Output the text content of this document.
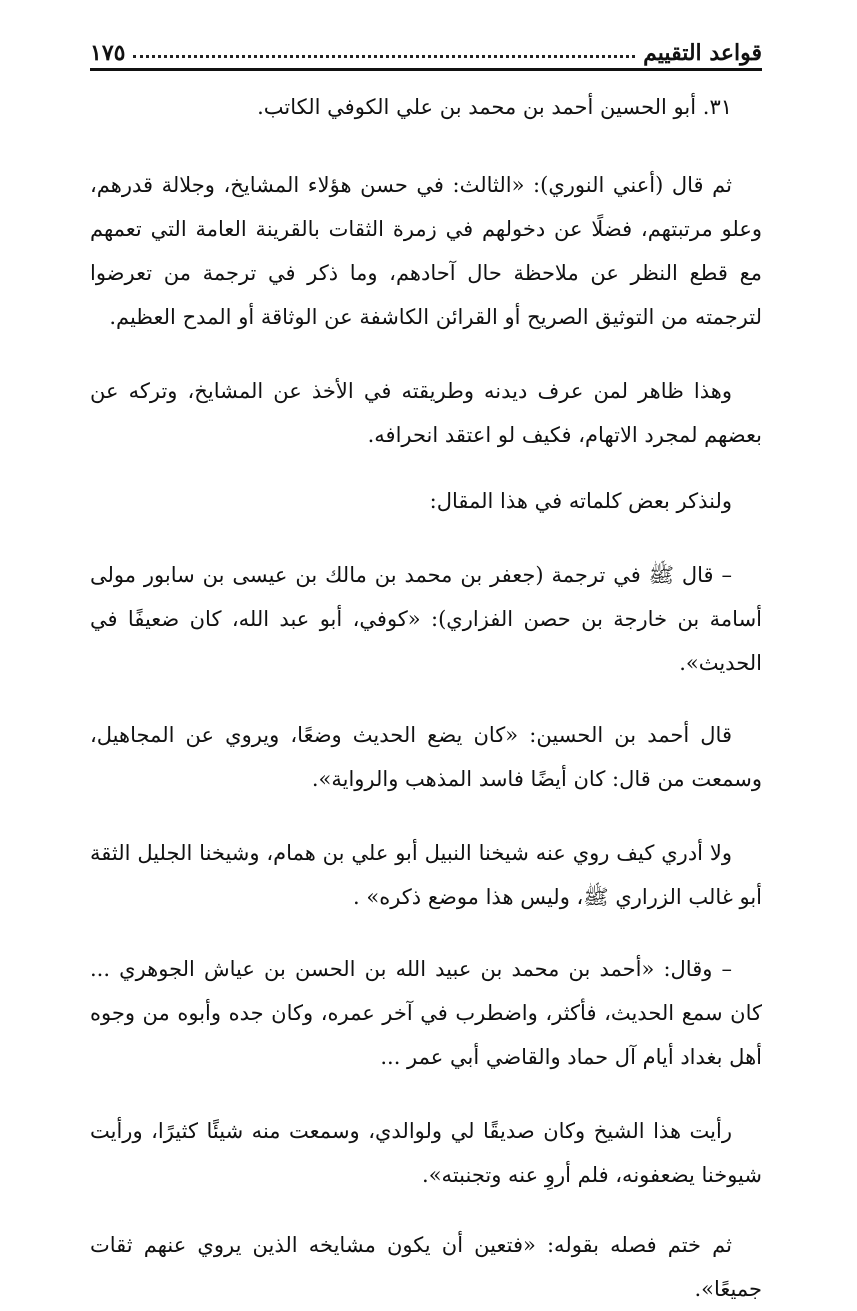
قواعد التقييم
١٧٥

٣١. أبو الحسين أحمد بن محمد بن علي الكوفي الكاتب.

ثم قال (أعني النوري): «الثالث: في حسن هؤلاء المشايخ، وجلالة قدرهم، وعلو مرتبتهم، فضلًا عن دخولهم في زمرة الثقات بالقرينة العامة التي تعمهم مع قطع النظر عن ملاحظة حال آحادهم، وما ذكر في ترجمة من تعرضوا لترجمته من التوثيق الصريح أو القرائن الكاشفة عن الوثاقة أو المدح العظيم.

وهذا ظاهر لمن عرف ديدنه وطريقته في الأخذ عن المشايخ، وتركه عن بعضهم لمجرد الاتهام، فكيف لو اعتقد انحرافه.

ولنذكر بعض كلماته في هذا المقال:

– قال ﷺ في ترجمة (جعفر بن محمد بن مالك بن عيسى بن سابور مولى أسامة بن خارجة بن حصن الفزاري): «كوفي، أبو عبد الله، كان ضعيفًا في الحديث».

قال أحمد بن الحسين: «كان يضع الحديث وضعًا، ويروي عن المجاهيل، وسمعت من قال: كان أيضًا فاسد المذهب والرواية».

ولا أدري كيف روي عنه شيخنا النبيل أبو علي بن همام، وشيخنا الجليل الثقة أبو غالب الزراري ﷺ، وليس هذا موضع ذكره» .

– وقال: «أحمد بن محمد بن عبيد الله بن الحسن بن عياش الجوهري ... كان سمع الحديث، فأكثر، واضطرب في آخر عمره، وكان جده وأبوه من وجوه أهل بغداد أيام آل حماد والقاضي أبي عمر ...

رأيت هذا الشيخ وكان صديقًا لي ولوالدي، وسمعت منه شيئًا كثيرًا، ورأيت شيوخنا يضعفونه، فلم أروِ عنه وتجنبته».

ثم ختم فصله بقوله: «فتعين أن يكون مشايخه الذين يروي عنهم ثقات جميعًا».
